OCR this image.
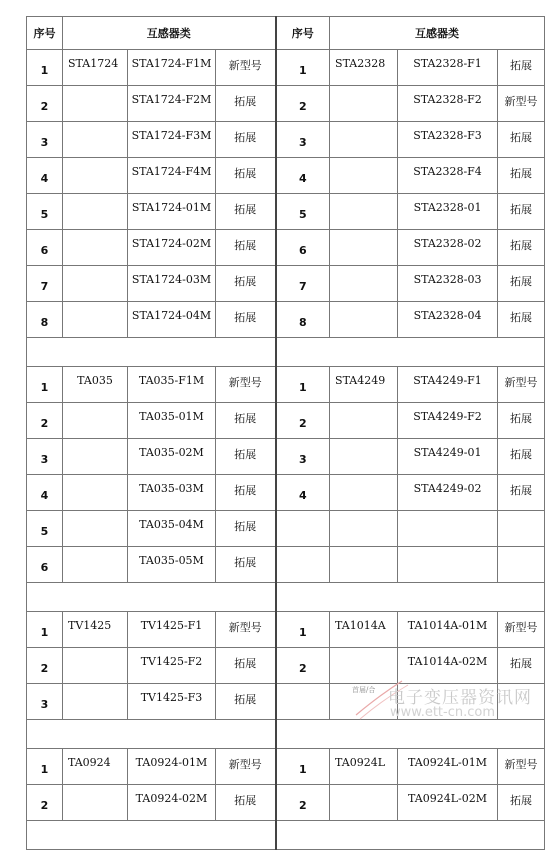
序号	互感器类			序号	互感器类		
1	STA1724	STA1724-F1M	新型号	1	STA2328	STA2328-F1	拓展
2		STA1724-F2M	拓展	2		STA2328-F2	新型号
3		STA1724-F3M	拓展	3		STA2328-F3	拓展
4		STA1724-F4M	拓展	4		STA2328-F4	拓展
5		STA1724-01M	拓展	5		STA2328-01	拓展
6		STA1724-02M	拓展	6		STA2328-02	拓展
7		STA1724-03M	拓展	7		STA2328-03	拓展
8		STA1724-04M	拓展	8		STA2328-04	拓展

1	TA035	TA035-F1M	新型号	1	STA4249	STA4249-F1	新型号
2		TA035-01M	拓展	2		STA4249-F2	拓展
3		TA035-02M	拓展	3		STA4249-01	拓展
4		TA035-03M	拓展	4		STA4249-02	拓展
5		TA035-04M	拓展				
6		TA035-05M	拓展				

1	TV1425	TV1425-F1	新型号	1	TA1014A	TA1014A-01M	新型号
2		TV1425-F2	拓展	2		TA1014A-02M	拓展
3		TV1425-F3	拓展				

1	TA0924	TA0924-01M	新型号	1	TA0924L	TA0924L-01M	新型号
2		TA0924-02M	拓展	2		TA0924L-02M	拓展

首届/合 电子变压器资讯网
www.ett-cn.com
